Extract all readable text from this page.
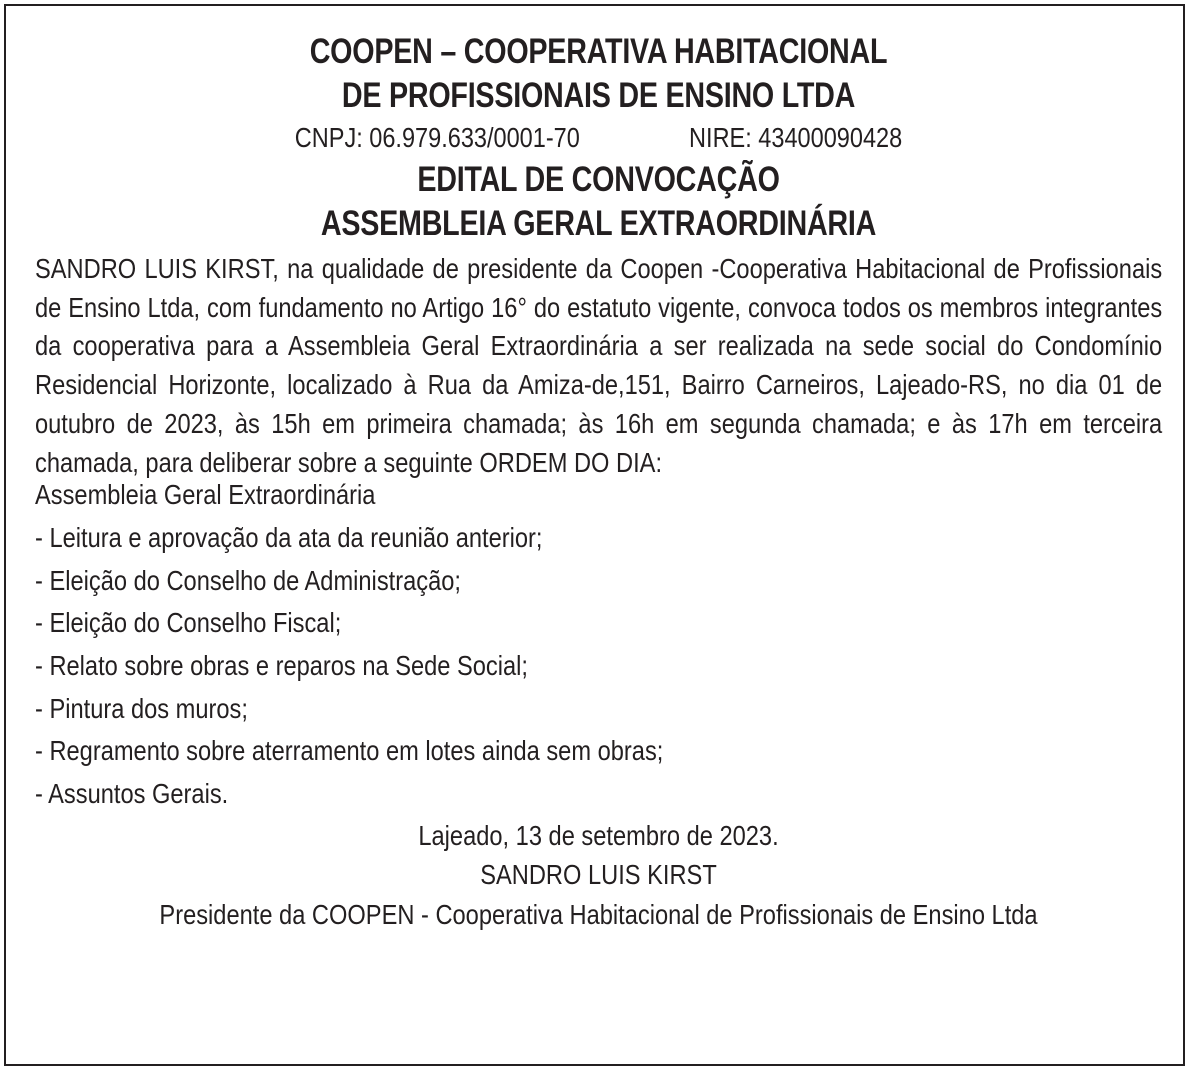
COOPEN – COOPERATIVA HABITACIONAL
DE PROFISSIONAIS DE ENSINO LTDA
CNPJ: 06.979.633/0001-70	NIRE: 43400090428
EDITAL DE CONVOCAÇÃO
ASSEMBLEIA GERAL EXTRAORDINÁRIA

SANDRO LUIS KIRST, na qualidade de presidente da Coopen -Cooperativa Habitacional de Profissionais de Ensino Ltda, com fundamento no Artigo 16° do estatuto vigente, convoca todos os membros integrantes da cooperativa para a Assembleia Geral Extraordinária a ser realizada na sede social do Condomínio Residencial Horizonte, localizado à Rua da Amiza-de,151, Bairro Carneiros, Lajeado-RS, no dia 01 de outubro de 2023, às 15h em primeira chamada; às 16h em segunda chamada; e às 17h em terceira chamada, para deliberar sobre a seguinte ORDEM DO DIA:

Assembleia Geral Extraordinária
- Leitura e aprovação da ata da reunião anterior;
- Eleição do Conselho de Administração;
- Eleição do Conselho Fiscal;
- Relato sobre obras e reparos na Sede Social;
- Pintura dos muros;
- Regramento sobre aterramento em lotes ainda sem obras;
- Assuntos Gerais.
Lajeado, 13 de setembro de 2023.
SANDRO LUIS KIRST
Presidente da COOPEN - Cooperativa Habitacional de Profissionais de Ensino Ltda
